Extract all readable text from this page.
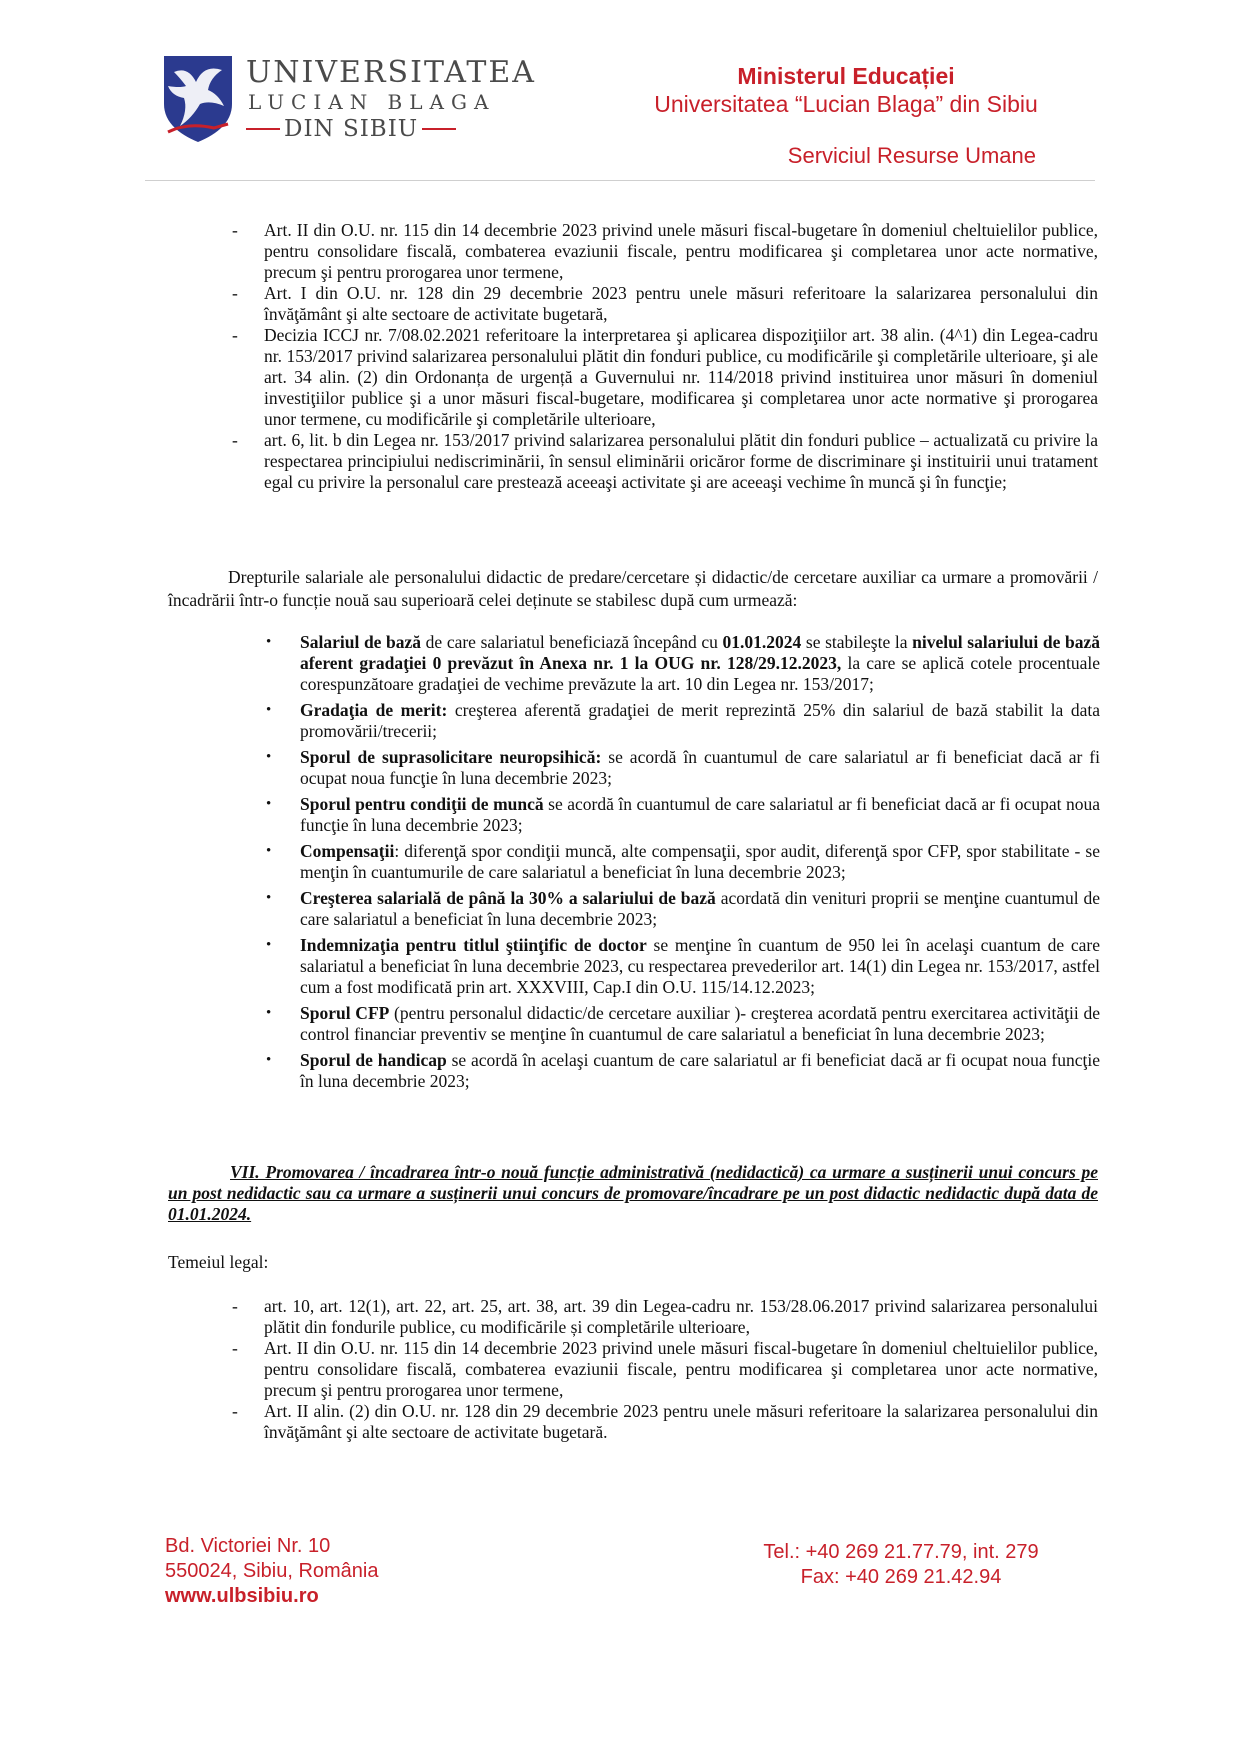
UNIVERSITATEA
LUCIAN BLAGA
DIN SIBIU
Ministerul Educației
Universitatea “Lucian Blaga” din Sibiu
Serviciul Resurse Umane
- Art. II din O.U. nr. 115 din 14 decembrie 2023 privind unele măsuri fiscal-bugetare în domeniul cheltuielilor publice, pentru consolidare fiscală, combaterea evaziunii fiscale, pentru modificarea şi completarea unor acte normative, precum şi pentru prorogarea unor termene,
- Art. I din O.U. nr. 128 din 29 decembrie 2023 pentru unele măsuri referitoare la salarizarea personalului din învăţământ şi alte sectoare de activitate bugetară,
- Decizia ICCJ nr. 7/08.02.2021 referitoare la interpretarea şi aplicarea dispoziţiilor art. 38 alin. (4^1) din Legea-cadru nr. 153/2017 privind salarizarea personalului plătit din fonduri publice, cu modificările şi completările ulterioare, şi ale art. 34 alin. (2) din Ordonanța de urgență a Guvernului nr. 114/2018 privind instituirea unor măsuri în domeniul investiţiilor publice şi a unor măsuri fiscal-bugetare, modificarea şi completarea unor acte normative şi prorogarea unor termene, cu modificările şi completările ulterioare,
- art. 6, lit. b din Legea nr. 153/2017 privind salarizarea personalului plătit din fonduri publice – actualizată cu privire la respectarea principiului nediscriminării, în sensul eliminării oricăror forme de discriminare şi instituirii unui tratament egal cu privire la personalul care prestează aceeaşi activitate şi are aceeaşi vechime în muncă şi în funcţie;
Drepturile salariale ale personalului didactic de predare/cercetare și didactic/de cercetare auxiliar ca urmare a promovării / încadrării într-o funcție nouă sau superioară celei deținute se stabilesc după cum urmează:
• Salariul de bază de care salariatul beneficiază începând cu 01.01.2024 se stabileşte la nivelul salariului de bază aferent gradaţiei 0 prevăzut în Anexa nr. 1 la OUG nr. 128/29.12.2023, la care se aplică cotele procentuale corespunzătoare gradaţiei de vechime prevăzute la art. 10 din Legea nr. 153/2017;
• Gradaţia de merit: creşterea aferentă gradaţiei de merit reprezintă 25% din salariul de bază stabilit la data promovării/trecerii;
• Sporul de suprasolicitare neuropsihică: se acordă în cuantumul de care salariatul ar fi beneficiat dacă ar fi ocupat noua funcţie în luna decembrie 2023;
• Sporul pentru condiţii de muncă se acordă în cuantumul de care salariatul ar fi beneficiat dacă ar fi ocupat noua funcţie în luna decembrie 2023;
• Compensaţii: diferenţă spor condiţii muncă, alte compensaţii, spor audit, diferenţă spor CFP, spor stabilitate - se menţin în cuantumurile de care salariatul a beneficiat în luna decembrie 2023;
• Creşterea salarială de până la 30% a salariului de bază acordată din venituri proprii se menţine cuantumul de care salariatul a beneficiat în luna decembrie 2023;
• Indemnizaţia pentru titlul ştiinţific de doctor se menţine în cuantum de 950 lei în acelaşi cuantum de care salariatul a beneficiat în luna decembrie 2023, cu respectarea prevederilor art. 14(1) din Legea nr. 153/2017, astfel cum a fost modificată prin art. XXXVIII, Cap.I din O.U. 115/14.12.2023;
• Sporul CFP (pentru personalul didactic/de cercetare auxiliar )- creşterea acordată pentru exercitarea activităţii de control financiar preventiv se menţine în cuantumul de care salariatul a beneficiat în luna decembrie 2023;
• Sporul de handicap se acordă în acelaşi cuantum de care salariatul ar fi beneficiat dacă ar fi ocupat noua funcţie în luna decembrie 2023;
VII. Promovarea / încadrarea într-o nouă funcție administrativă (nedidactică) ca urmare a susținerii unui concurs pe un post nedidactic sau ca urmare a susținerii unui concurs de promovare/încadrare pe un post didactic nedidactic după data de 01.01.2024.
Temeiul legal:
- art. 10, art. 12(1), art. 22, art. 25, art. 38, art. 39 din Legea-cadru nr. 153/28.06.2017 privind salarizarea personalului plătit din fondurile publice, cu modificările și completările ulterioare,
- Art. II din O.U. nr. 115 din 14 decembrie 2023 privind unele măsuri fiscal-bugetare în domeniul cheltuielilor publice, pentru consolidare fiscală, combaterea evaziunii fiscale, pentru modificarea şi completarea unor acte normative, precum şi pentru prorogarea unor termene,
- Art. II alin. (2) din O.U. nr. 128 din 29 decembrie 2023 pentru unele măsuri referitoare la salarizarea personalului din învăţământ şi alte sectoare de activitate bugetară.
Bd. Victoriei Nr. 10
550024, Sibiu, România
www.ulbsibiu.ro
Tel.: +40 269 21.77.79, int. 279
Fax: +40 269 21.42.94
